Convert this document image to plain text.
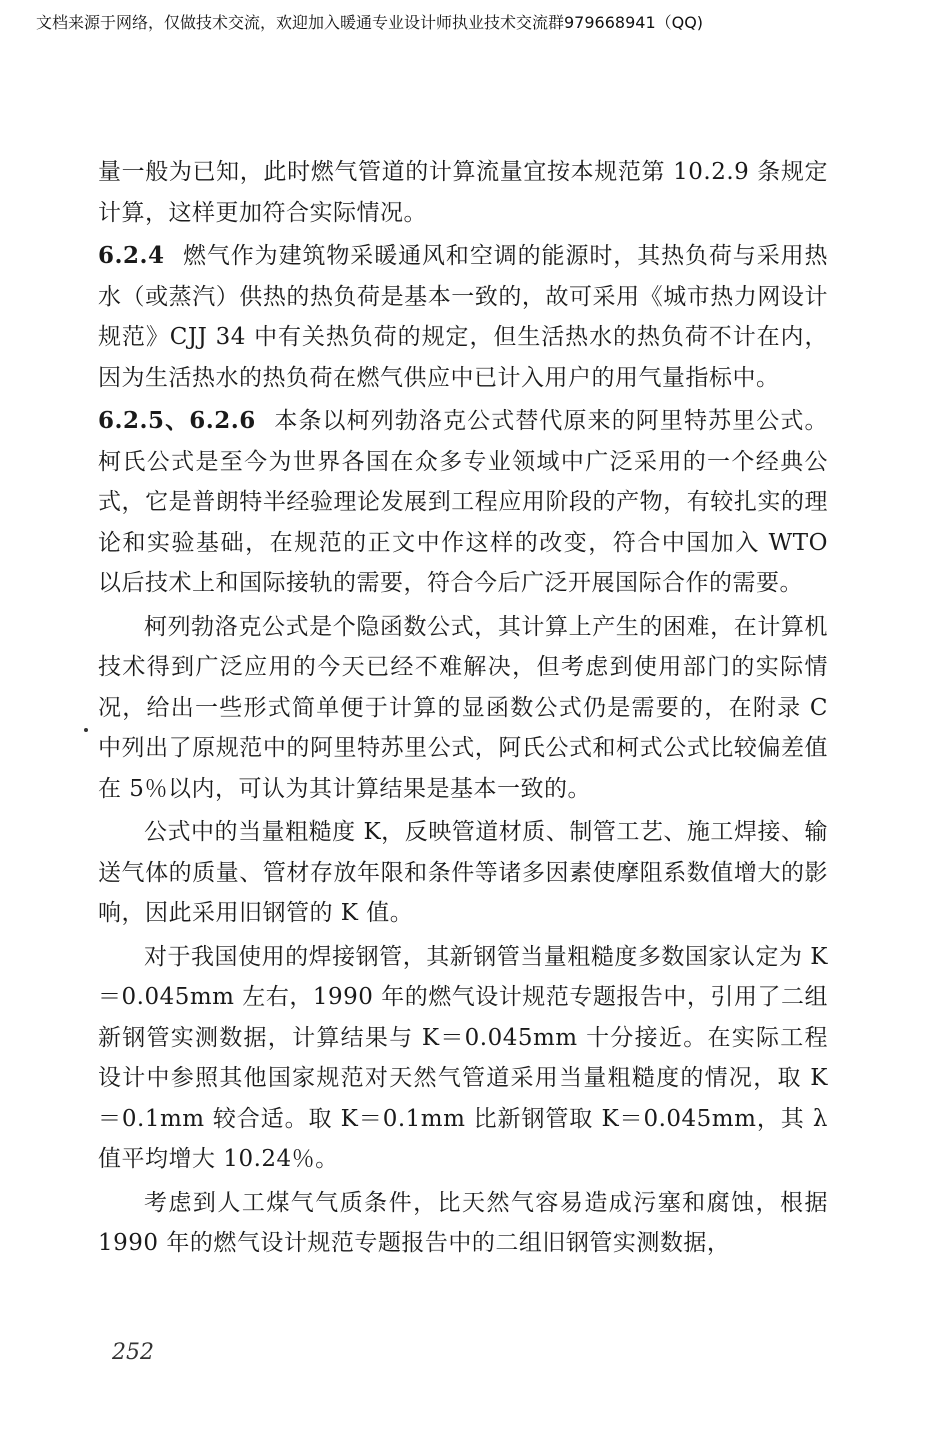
文档来源于网络，仅做技术交流，欢迎加入暖通专业设计师执业技术交流群979668941（QQ)

量一般为已知，此时燃气管道的计算流量宜按本规范第 10.2.9 条规定计算，这样更加符合实际情况。

6.2.4 燃气作为建筑物采暖通风和空调的能源时，其热负荷与采用热水（或蒸汽）供热的热负荷是基本一致的，故可采用《城市热力网设计规范》CJJ 34 中有关热负荷的规定，但生活热水的热负荷不计在内，因为生活热水的热负荷在燃气供应中已计入用户的用气量指标中。

6.2.5、6.2.6 本条以柯列勃洛克公式替代原来的阿里特苏里公式。柯氏公式是至今为世界各国在众多专业领域中广泛采用的一个经典公式，它是普朗特半经验理论发展到工程应用阶段的产物，有较扎实的理论和实验基础，在规范的正文中作这样的改变，符合中国加入 WTO 以后技术上和国际接轨的需要，符合今后广泛开展国际合作的需要。

柯列勃洛克公式是个隐函数公式，其计算上产生的困难，在计算机技术得到广泛应用的今天已经不难解决，但考虑到使用部门的实际情况，给出一些形式简单便于计算的显函数公式仍是需要的，在附录 C 中列出了原规范中的阿里特苏里公式，阿氏公式和柯式公式比较偏差值在 5％以内，可认为其计算结果是基本一致的。

公式中的当量粗糙度 K，反映管道材质、制管工艺、施工焊接、输送气体的质量、管材存放年限和条件等诸多因素使摩阻系数值增大的影响，因此采用旧钢管的 K 值。

对于我国使用的焊接钢管，其新钢管当量粗糙度多数国家认定为 K＝0.045mm 左右，1990 年的燃气设计规范专题报告中，引用了二组新钢管实测数据，计算结果与 K＝0.045mm 十分接近。在实际工程设计中参照其他国家规范对天然气管道采用当量粗糙度的情况，取 K＝0.1mm 较合适。取 K＝0.1mm 比新钢管取 K＝0.045mm，其 λ 值平均增大 10.24％。

考虑到人工煤气气质条件，比天然气容易造成污塞和腐蚀，根据 1990 年的燃气设计规范专题报告中的二组旧钢管实测数据，

252
